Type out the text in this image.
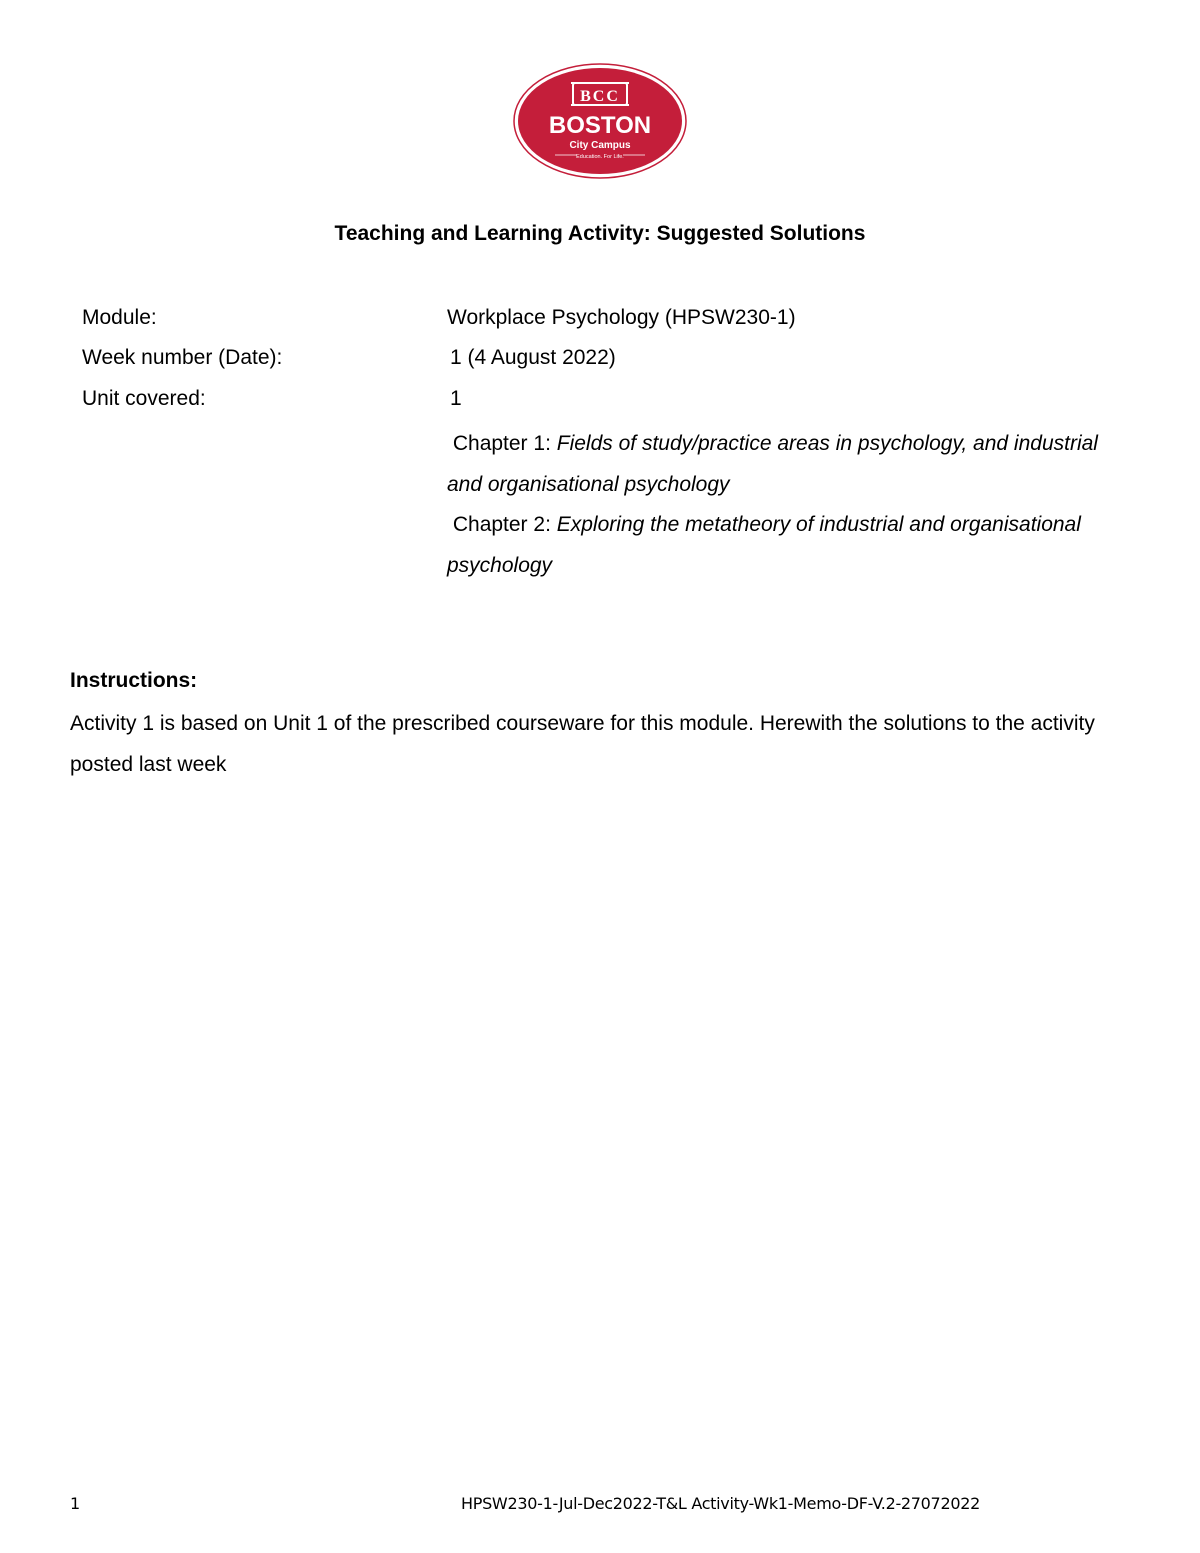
BCC
BOSTON
City Campus
Education. For Life.
Teaching and Learning Activity: Suggested Solutions
Module:	Workplace Psychology (HPSW230-1)
Week number (Date):	1 (4 August 2022)
Unit covered:	1

Chapter 1: Fields of study/practice areas in psychology, and industrial and organisational psychology

Chapter 2: Exploring the metatheory of industrial and organisational psychology

Instructions:
Activity 1 is based on Unit 1 of the prescribed courseware for this module. Herewith the solutions to the activity posted last week
1	HPSW230-1-Jul-Dec2022-T&L Activity-Wk1-Memo-DF-V.2-27072022
